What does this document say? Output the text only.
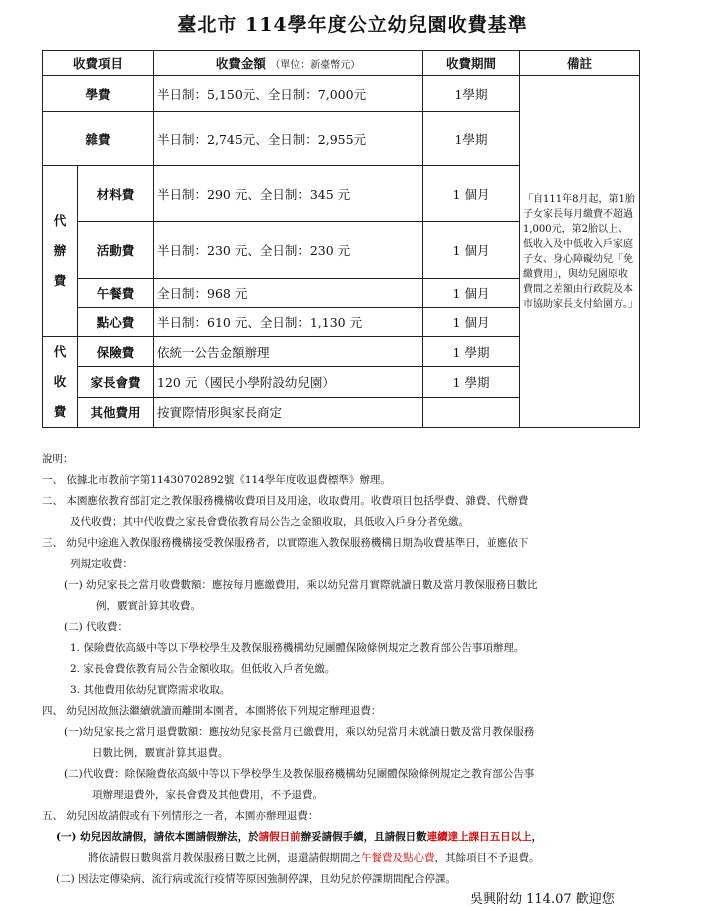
臺北市 114學年度公立幼兒園收費基準
收費項目		收費金額 （單位：新臺幣元）	收費期間	備註
學費		半日制：5,150元、全日制：7,000元	1學期	「自111年8月起，第1胎子女家長每月繳費不超過1,000元，第2胎以上、低收入及中低收入戶家庭子女、身心障礙幼兒「免繳費用」，與幼兒園原收費間之差額由行政院及本市協助家長支付給園方。」
雜費		半日制：2,745元、全日制：2,955元	1學期	

代
辦
費	材料費	半日制：290 元、全日制：345 元	1 個月	
	活動費	半日制：230 元、全日制：230 元	1 個月	
	午餐費	全日制：968 元	1 個月	
	點心費	半日制：610 元、全日制：1,130 元	1 個月	

代
收
費	保險費	依統一公告金額辦理	1 學期	
	家長會費	120 元（國民小學附設幼兒園）	1 學期	
	其他費用	按實際情形與家長商定		
說明：
一、 依據北市教前字第11430702892號《114學年度收退費標準》辦理。
二、 本園應依教育部訂定之教保服務機構收費項目及用途，收取費用。收費項目包括學費、雜費、代辦費
及代收費；其中代收費之家長會費依教育局公告之金額收取，具低收入戶身分者免繳。
三、 幼兒中途進入教保服務機構接受教保服務者，以實際進入教保服務機構日期為收費基準日，並應依下
列規定收費：
(一) 幼兒家長之當月收費數額：應按每月應繳費用，乘以幼兒當月實際就讀日數及當月教保服務日數比
例，覈實計算其收費。
(二) 代收費：
1. 保險費依高級中等以下學校學生及教保服務機構幼兒團體保險條例規定之教育部公告事項辦理。
2. 家長會費依教育局公告金額收取。但低收入戶者免繳。
3. 其他費用依幼兒實際需求收取。
四、 幼兒因故無法繼續就讀而離開本園者，本園將依下列規定辦理退費：
(一)幼兒家長之當月退費數額：應按幼兒家長當月已繳費用，乘以幼兒當月未就讀日數及當月教保服務
日數比例，覈實計算其退費。
(二)代收費：除保險費依高級中等以下學校學生及教保服務機構幼兒團體保險條例規定之教育部公告事
項辦理退費外，家長會費及其他費用，不予退費。
五、 幼兒因故請假或有下列情形之一者，本園亦辦理退費：
(一) 幼兒因故請假，請依本園請假辦法，於請假日前辦妥請假手續，且請假日數連續達上課日五日以上，
將依請假日數與當月教保服務日數之比例，退還請假期間之午餐費及點心費，其餘項目不予退費。
(二) 因法定傳染病、流行病或流行疫情等原因強制停課，且幼兒於停課期間配合停課。
吳興附幼 114.07 歡迎您
